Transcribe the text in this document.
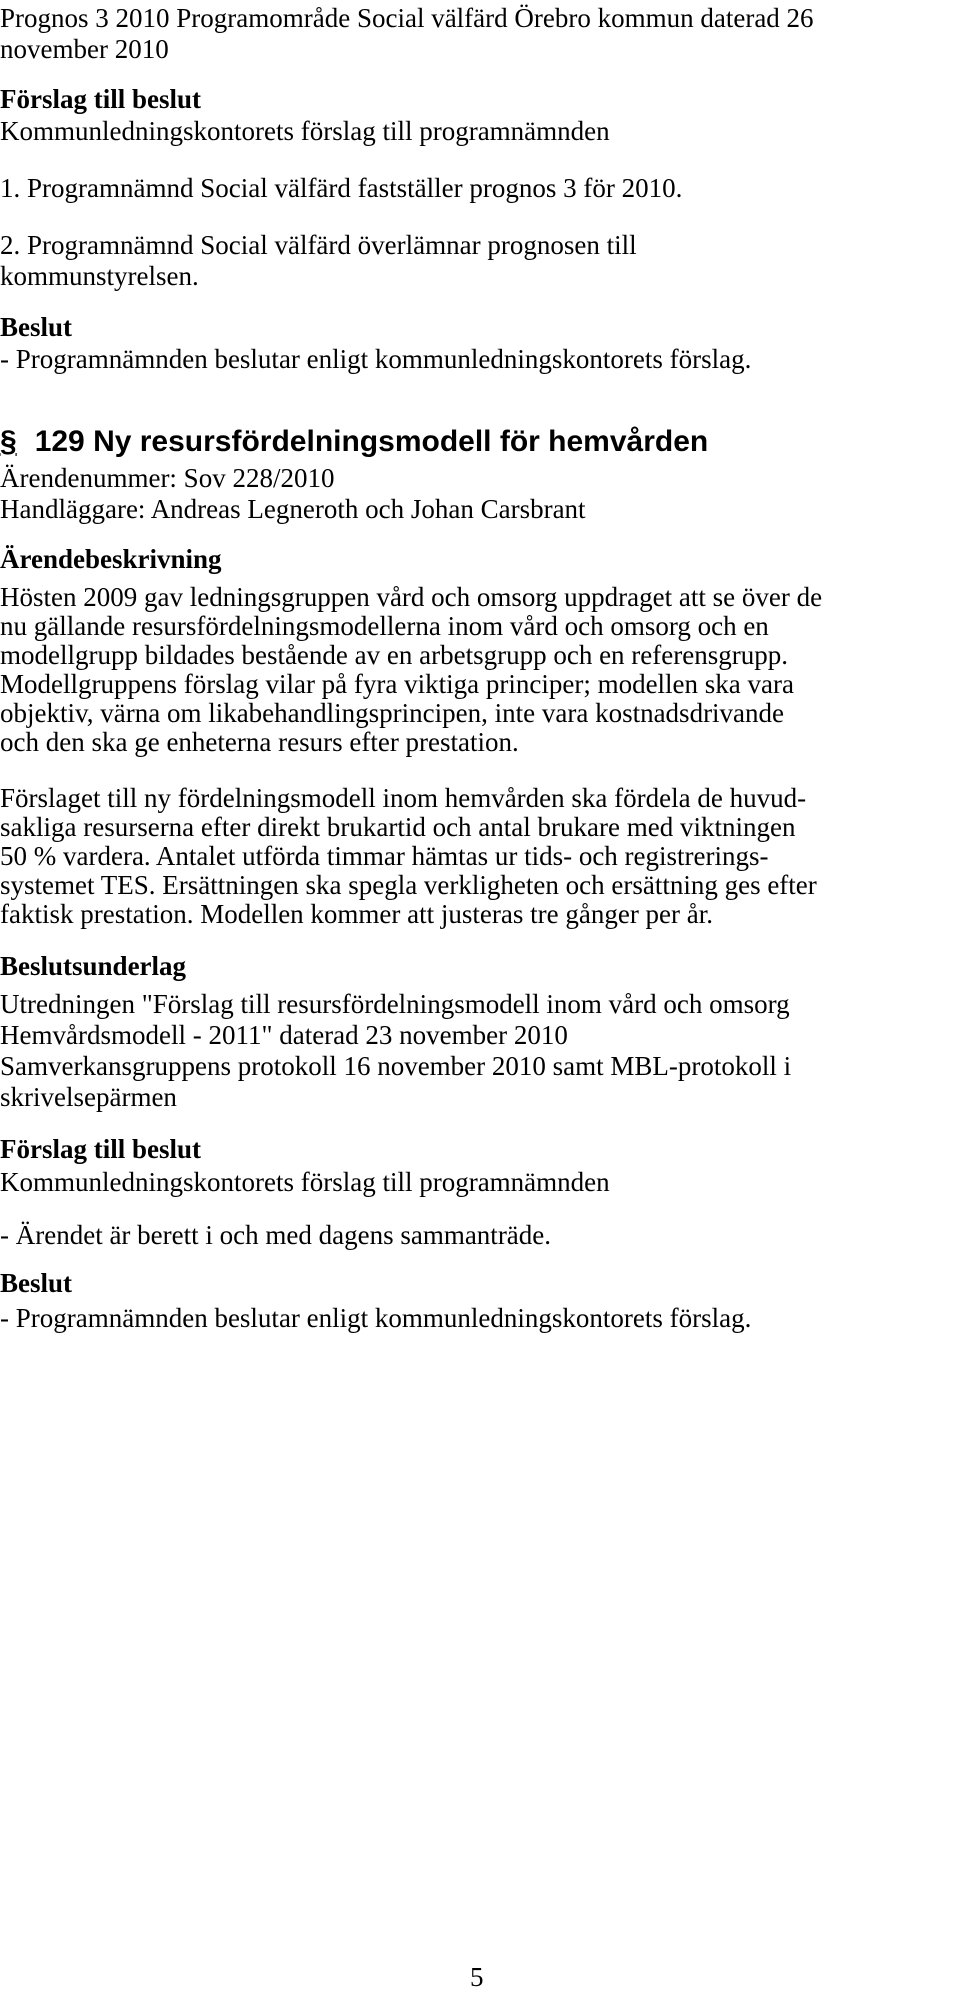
Prognos 3 2010 Programområde Social välfärd Örebro kommun daterad 26
november 2010
Förslag till beslut
Kommunledningskontorets förslag till programnämnden
1. Programnämnd Social välfärd fastställer prognos 3 för 2010.
2. Programnämnd Social välfärd överlämnar prognosen till
kommunstyrelsen.
Beslut
- Programnämnden beslutar enligt kommunledningskontorets förslag.
§ 129 Ny resursfördelningsmodell för hemvården
Ärendenummer: Sov 228/2010
Handläggare: Andreas Legneroth och Johan Carsbrant
Ärendebeskrivning
Hösten 2009 gav ledningsgruppen vård och omsorg uppdraget att se över de
nu gällande resursfördelningsmodellerna inom vård och omsorg och en
modellgrupp bildades bestående av en arbetsgrupp och en referensgrupp.
Modellgruppens förslag vilar på fyra viktiga principer; modellen ska vara
objektiv, värna om likabehandlingsprincipen, inte vara kostnadsdrivande
och den ska ge enheterna resurs efter prestation.
Förslaget till ny fördelningsmodell inom hemvården ska fördela de huvud-
sakliga resurserna efter direkt brukartid och antal brukare med viktningen
50 % vardera. Antalet utförda timmar hämtas ur tids- och registrerings-
systemet TES. Ersättningen ska spegla verkligheten och ersättning ges efter
faktisk prestation. Modellen kommer att justeras tre gånger per år.
Beslutsunderlag
Utredningen "Förslag till resursfördelningsmodell inom vård och omsorg
Hemvårdsmodell - 2011" daterad 23 november 2010
Samverkansgruppens protokoll 16 november 2010 samt MBL-protokoll i
skrivelsepärmen
Förslag till beslut
Kommunledningskontorets förslag till programnämnden
- Ärendet är berett i och med dagens sammanträde.
Beslut
- Programnämnden beslutar enligt kommunledningskontorets förslag.
5
